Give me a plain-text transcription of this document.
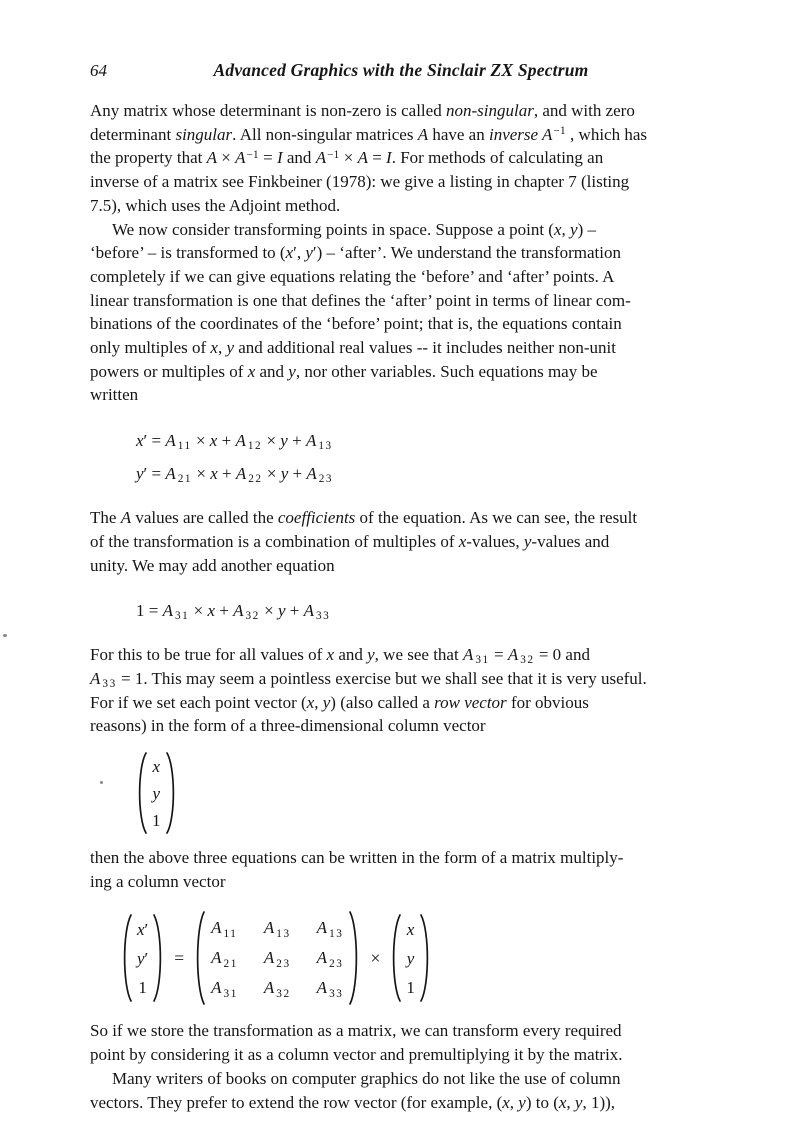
64	Advanced Graphics with the Sinclair ZX Spectrum
Any matrix whose determinant is non-zero is called non-singular, and with zero
determinant singular. All non-singular matrices A have an inverse $A^{-1}$ , which has
the property that $A \times A^{-1} = I$ and $A^{-1} \times A = I$. For methods of calculating an
inverse of a matrix see Finkbeiner (1978): we give a listing in chapter 7 (listing
7.5), which uses the Adjoint method.
We now consider transforming points in space. Suppose a point (x, y) –
‘before’ – is transformed to (x′, y′) – ‘after’. We understand the transformation
completely if we can give equations relating the ‘before’ and ‘after’ points. A
linear transformation is one that defines the ‘after’ point in terms of linear com-
binations of the coordinates of the ‘before’ point; that is, the equations contain
only multiples of x, y and additional real values -- it includes neither non-unit
powers or multiples of x and y, nor other variables. Such equations may be
written
x′ = A $_{11}$ × x + A $_{12}$ × y + A $_{13}$
y′ = A $_{21}$ × x + A $_{22}$ × y + A $_{23}$
The A values are called the coefficients of the equation. As we can see, the result
of the transformation is a combination of multiples of x-values, y-values and
unity. We may add another equation
1 = A $_{31}$ × x + A $_{32}$ × y + A $_{33}$
For this to be true for all values of x and y, we see that A $_{31}$ = A $_{32}$ = 0 and
A $_{33}$ = 1. This may seem a pointless exercise but we shall see that it is very useful.
For if we set each point vector (x, y) (also called a row vector for obvious
reasons) in the form of a three-dimensional column vector
x
y
1
then the above three equations can be written in the form of a matrix multiply-
ing a column vector
x′
y′
1
=
A $_{11}$ A $_{13}$ A $_{13}$
A $_{21}$ A $_{23}$ A $_{23}$
A $_{31}$ A $_{32}$ A $_{33}$
×
x
y
1
So if we store the transformation as a matrix, we can transform every required
point by considering it as a column vector and premultiplying it by the matrix.
Many writers of books on computer graphics do not like the use of column
vectors. They prefer to extend the row vector (for example, (x, y) to (x, y, 1)),
